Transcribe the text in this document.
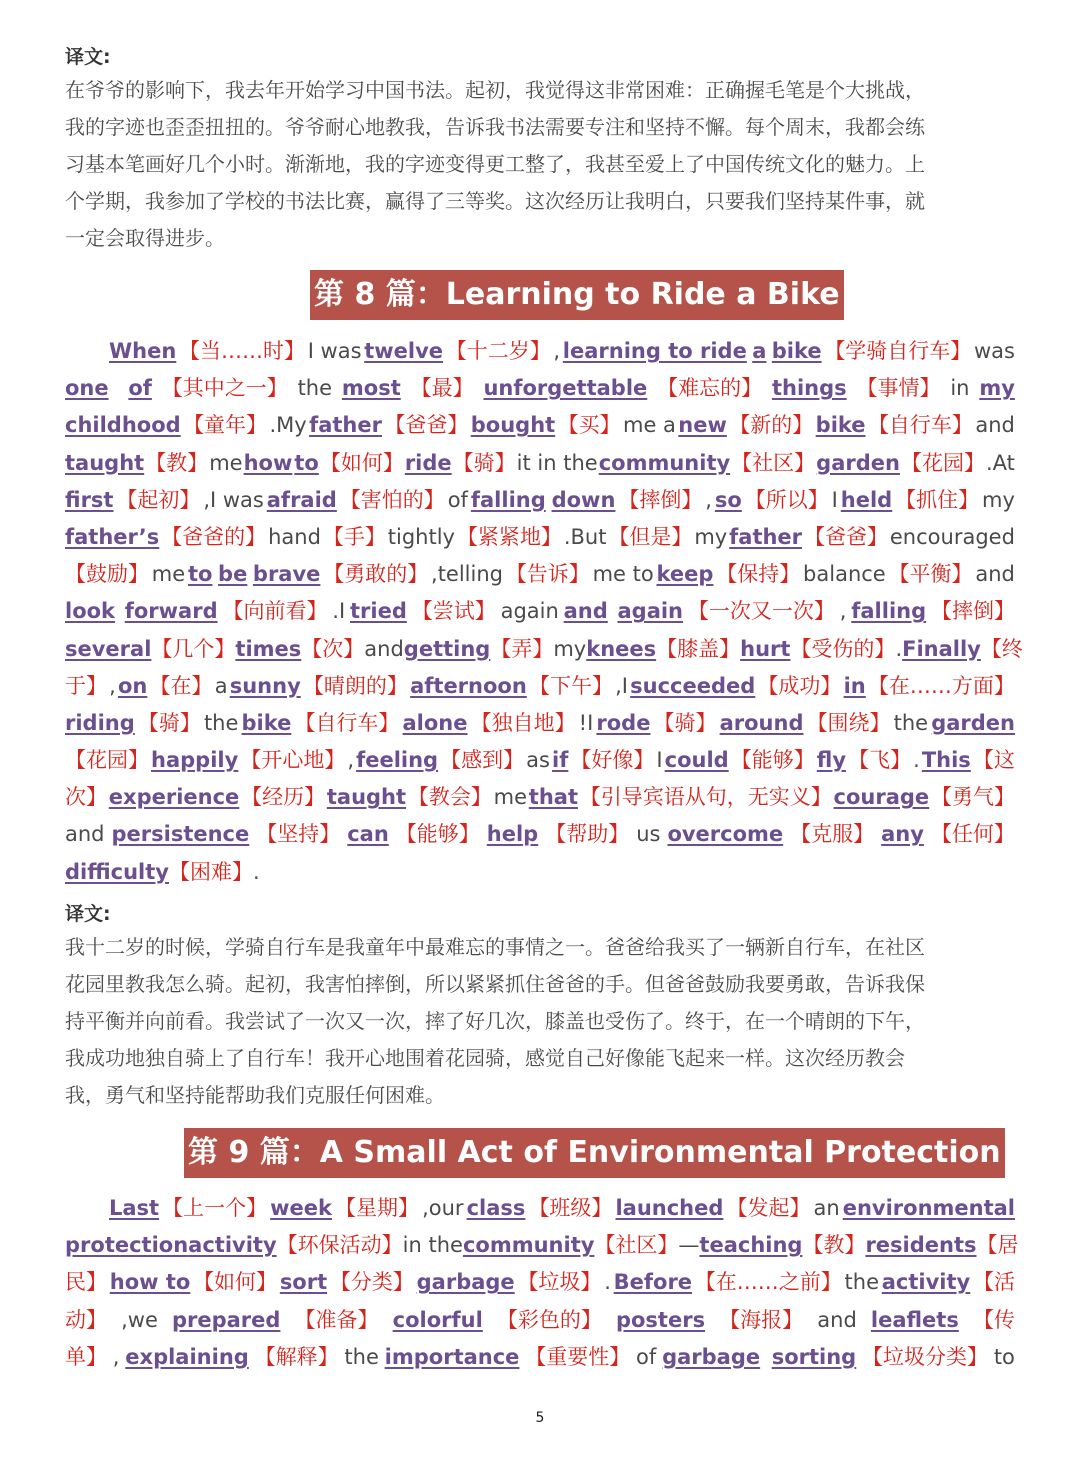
译文:
在爷爷的影响下，我去年开始学习中国书法。起初，我觉得这非常困难：正确握毛笔是个大挑战，
我的字迹也歪歪扭扭的。爷爷耐心地教我，告诉我书法需要专注和坚持不懈。每个周末，我都会练
习基本笔画好几个小时。渐渐地，我的字迹变得更工整了，我甚至爱上了中国传统文化的魅力。上
个学期，我参加了学校的书法比赛，赢得了三等奖。这次经历让我明白，只要我们坚持某件事，就
一定会取得进步。
第 8 篇：Learning to Ride a Bike
When 【当……时】 I was twelve 【十二岁】 , learning to ride a bike 【学骑自行车】 was
one of 【其中之一】 the most 【最】 unforgettable 【难忘的】 things 【事情】 in my
childhood 【童年】 .My father 【爸爸】 bought 【买】 me a new 【新的】 bike 【自行车】 and
taught 【教】 me how to 【如何】 ride 【骑】 it in the community 【社区】 garden 【花园】 .At
first 【起初】 ,I was afraid 【害怕的】 of falling down 【摔倒】 , so 【所以】 I held 【抓住】 my
father’s 【爸爸的】 hand 【手】 tightly 【紧紧地】 .But 【但是】 my father 【爸爸】 encouraged
【鼓励】 me to be brave 【勇敢的】 ,telling 【告诉】 me to keep 【保持】 balance 【平衡】 and
look forward 【向前看】 .I tried 【尝试】 again and again 【一次又一次】 , falling 【摔倒】
several 【几个】 times 【次】 and getting 【弄】 my knees 【膝盖】 hurt 【受伤的】 . Finally 【终
于】 , on 【在】 a sunny 【晴朗的】 afternoon 【下午】 ,I succeeded 【成功】 in 【在……方面】
riding 【骑】 the bike 【自行车】 alone 【独自地】 !I rode 【骑】 around 【围绕】 the garden
【花园】 happily 【开心地】 , feeling 【感到】 as if 【好像】 I could 【能够】 fly 【飞】 . This 【这
次】 experience 【经历】 taught 【教会】 me that 【引导宾语从句，无实义】 courage 【勇气】
and persistence 【坚持】 can 【能够】 help 【帮助】 us overcome 【克服】 any 【任何】
difficulty 【困难】 .
译文:
我十二岁的时候，学骑自行车是我童年中最难忘的事情之一。爸爸给我买了一辆新自行车，在社区
花园里教我怎么骑。起初，我害怕摔倒，所以紧紧抓住爸爸的手。但爸爸鼓励我要勇敢，告诉我保
持平衡并向前看。我尝试了一次又一次，摔了好几次，膝盖也受伤了。终于，在一个晴朗的下午，
我成功地独自骑上了自行车！我开心地围着花园骑，感觉自己好像能飞起来一样。这次经历教会
我，勇气和坚持能帮助我们克服任何困难。
第 9 篇：A Small Act of Environmental Protection
Last 【上一个】 week 【星期】 ,our class 【班级】 launched 【发起】 an environmental
protection activity 【环保活动】 in the community 【社区】 — teaching 【教】 residents 【居
民】 how to 【如何】 sort 【分类】 garbage 【垃圾】 . Before 【在……之前】 the activity 【活
动】 ,we prepared 【准备】 colorful 【彩色的】 posters 【海报】 and leaflets 【传
单】 , explaining 【解释】 the importance 【重要性】 of garbage sorting 【垃圾分类】 to
5
